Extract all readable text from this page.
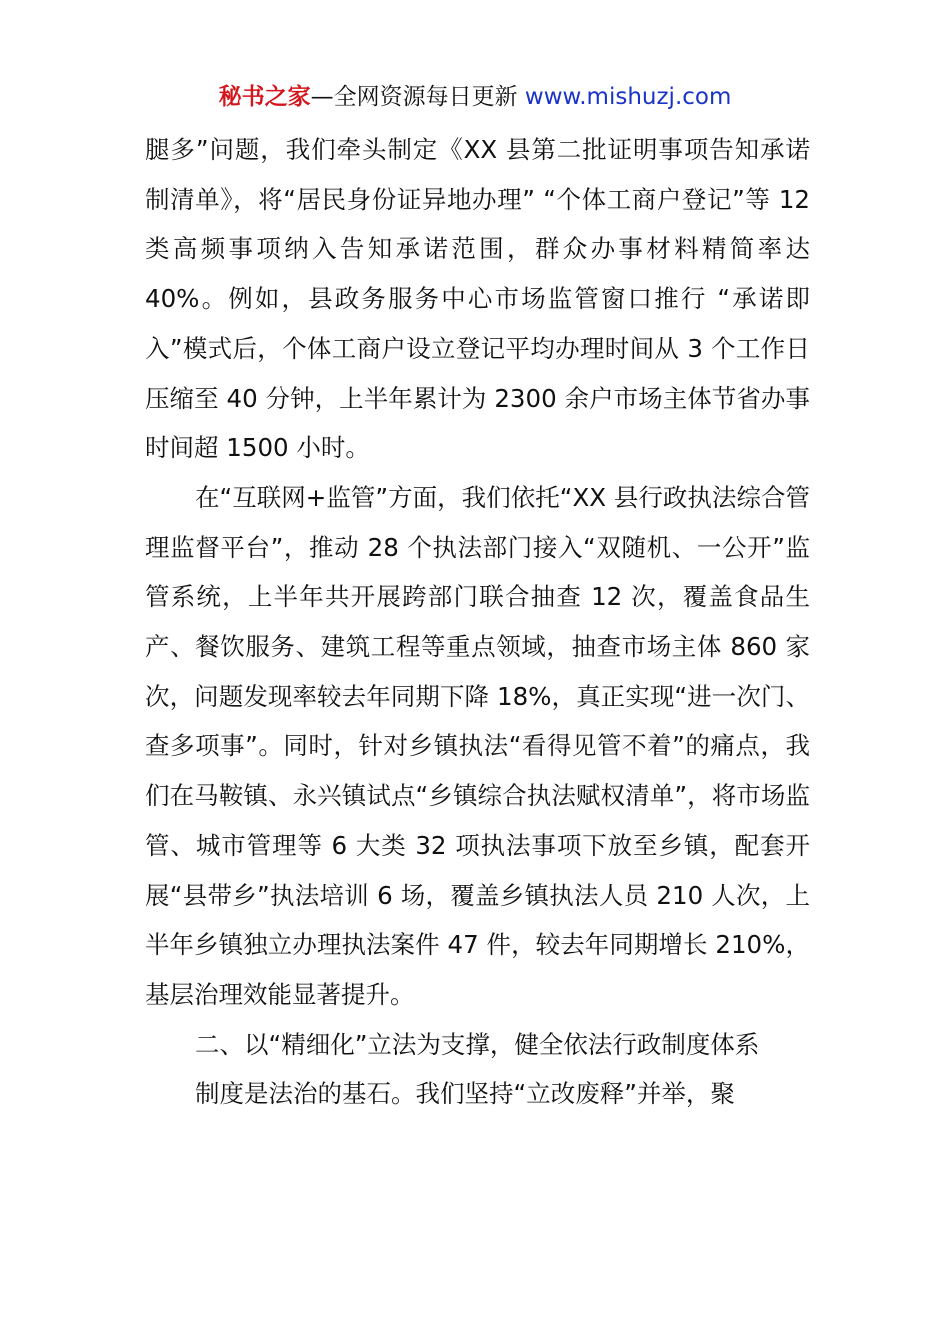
秘书之家—全网资源每日更新 www.mishuzj.com

腿多”问题，我们牵头制定《XX 县第二批证明事项告知承诺制清单》，将“居民身份证异地办理” “个体工商户登记”等 12 类高频事项纳入告知承诺范围，群众办事材料精简率达 40%。例如，县政务服务中心市场监管窗口推行 “承诺即入”模式后，个体工商户设立登记平均办理时间从 3 个工作日压缩至 40 分钟，上半年累计为 2300 余户市场主体节省办事时间超 1500 小时。

在“互联网+监管”方面，我们依托“XX 县行政执法综合管理监督平台”，推动 28 个执法部门接入“双随机、一公开”监管系统，上半年共开展跨部门联合抽查 12 次，覆盖食品生产、餐饮服务、建筑工程等重点领域，抽查市场主体 860 家次，问题发现率较去年同期下降 18%，真正实现“进一次门、查多项事”。同时，针对乡镇执法“看得见管不着”的痛点，我们在马鞍镇、永兴镇试点“乡镇综合执法赋权清单”，将市场监管、城市管理等 6 大类 32 项执法事项下放至乡镇，配套开展“县带乡”执法培训 6 场，覆盖乡镇执法人员 210 人次，上半年乡镇独立办理执法案件 47 件，较去年同期增长 210%，基层治理效能显著提升。

二、以“精细化”立法为支撑，健全依法行政制度体系

制度是法治的基石。我们坚持“立改废释”并举，聚
